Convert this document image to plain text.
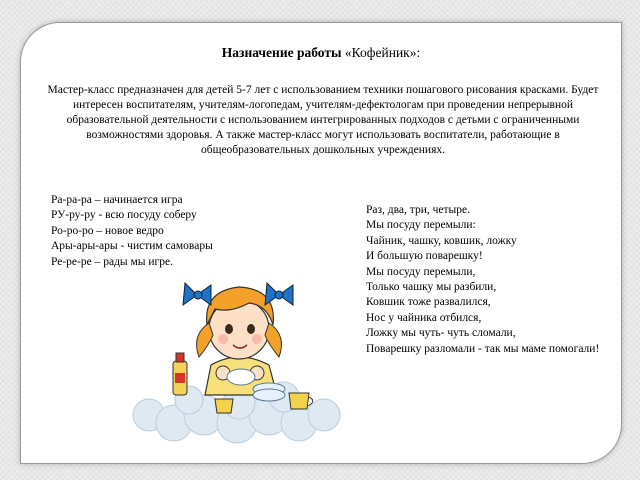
Назначение работы «Кофейник»:
Мастер-класс предназначен для детей 5-7 лет с использованием техники пошагового рисования красками. Будет интересен воспитателям, учителям-логопедам, учителям-дефектологам при проведении непрерывной образовательной деятельности с использованием интегрированных подходов с детьми с ограниченными возможностями здоровья. А также мастер-класс могут использовать воспитатели, работающие в общеобразовательных дошкольных учреждениях.
Ра-ра-ра – начинается игра
РУ-ру-ру - всю посуду соберу
Ро-ро-ро – новое ведро
Ары-ары-ары - чистим самовары
Ре-ре-ре – рады мы игре.
Раз, два, три, четыре.
Мы посуду перемыли:
Чайник, чашку, ковшик, ложку
И большую поварешку!
Мы посуду перемыли,
Только чашку мы разбили,
Ковшик тоже развалился,
Нос у чайника отбился,
Ложку мы чуть- чуть сломали,
Поварешку разломали - так мы маме помогали!
